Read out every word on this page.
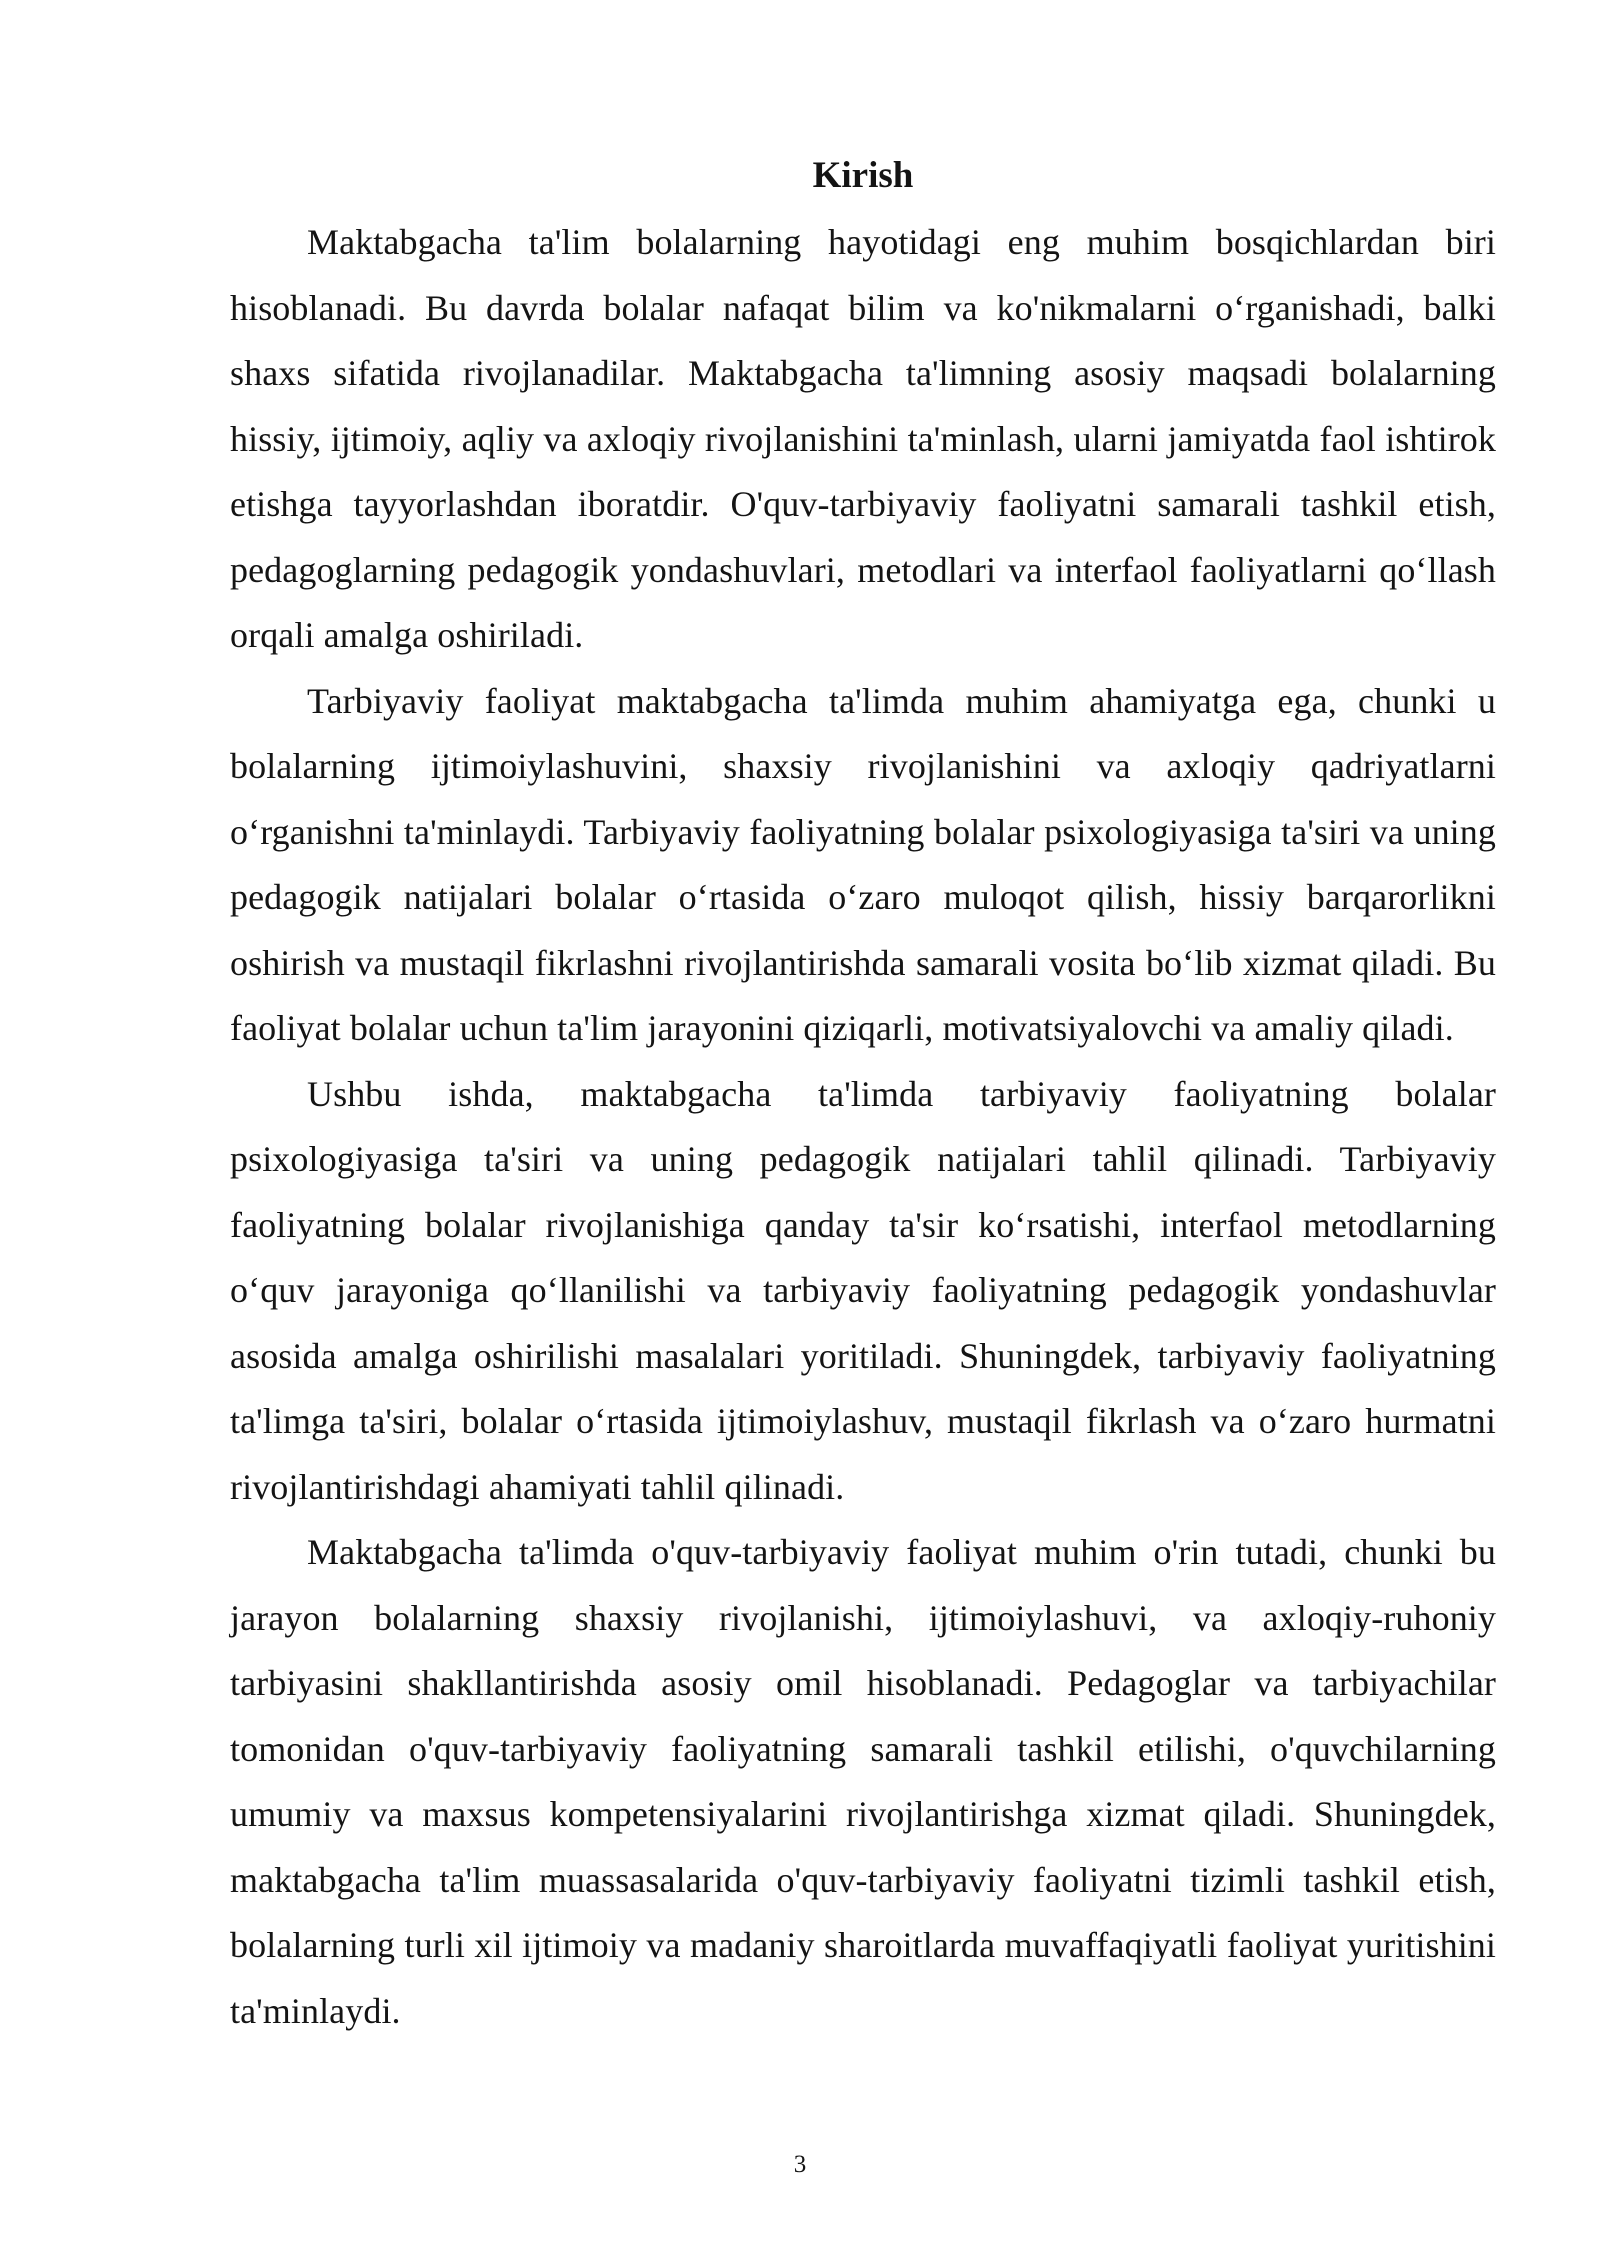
Kirish

Maktabgacha ta'lim bolalarning hayotidagi eng muhim bosqichlardan biri hisoblanadi. Bu davrda bolalar nafaqat bilim va ko'nikmalarni o‘rganishadi, balki shaxs sifatida rivojlanadilar. Maktabgacha ta'limning asosiy maqsadi bolalarning hissiy, ijtimoiy, aqliy va axloqiy rivojlanishini ta'minlash, ularni jamiyatda faol ishtirok etishga tayyorlashdan iboratdir. O'quv-tarbiyaviy faoliyatni samarali tashkil etish, pedagoglarning pedagogik yondashuvlari, metodlari va interfaol faoliyatlarni qo‘llash orqali amalga oshiriladi.

Tarbiyaviy faoliyat maktabgacha ta'limda muhim ahamiyatga ega, chunki u bolalarning ijtimoiylashuvini, shaxsiy rivojlanishini va axloqiy qadriyatlarni o‘rganishni ta'minlaydi. Tarbiyaviy faoliyatning bolalar psixologiyasiga ta'siri va uning pedagogik natijalari bolalar o‘rtasida o‘zaro muloqot qilish, hissiy barqarorlikni oshirish va mustaqil fikrlashni rivojlantirishda samarali vosita bo‘lib xizmat qiladi. Bu faoliyat bolalar uchun ta'lim jarayonini qiziqarli, motivatsiyalovchi va amaliy qiladi.

Ushbu ishda, maktabgacha ta'limda tarbiyaviy faoliyatning bolalar psixologiyasiga ta'siri va uning pedagogik natijalari tahlil qilinadi. Tarbiyaviy faoliyatning bolalar rivojlanishiga qanday ta'sir ko‘rsatishi, interfaol metodlarning o‘quv jarayoniga qo‘llanilishi va tarbiyaviy faoliyatning pedagogik yondashuvlar asosida amalga oshirilishi masalalari yoritiladi. Shuningdek, tarbiyaviy faoliyatning ta'limga ta'siri, bolalar o‘rtasida ijtimoiylashuv, mustaqil fikrlash va o‘zaro hurmatni rivojlantirishdagi ahamiyati tahlil qilinadi.

Maktabgacha ta'limda o'quv-tarbiyaviy faoliyat muhim o'rin tutadi, chunki bu jarayon bolalarning shaxsiy rivojlanishi, ijtimoiylashuvi, va axloqiy-ruhoniy tarbiyasini shakllantirishda asosiy omil hisoblanadi. Pedagoglar va tarbiyachilar tomonidan o'quv-tarbiyaviy faoliyatning samarali tashkil etilishi, o'quvchilarning umumiy va maxsus kompetensiyalarini rivojlantirishga xizmat qiladi. Shuningdek, maktabgacha ta'lim muassasalarida o'quv-tarbiyaviy faoliyatni tizimli tashkil etish, bolalarning turli xil ijtimoiy va madaniy sharoitlarda muvaffaqiyatli faoliyat yuritishini ta'minlaydi.

3
